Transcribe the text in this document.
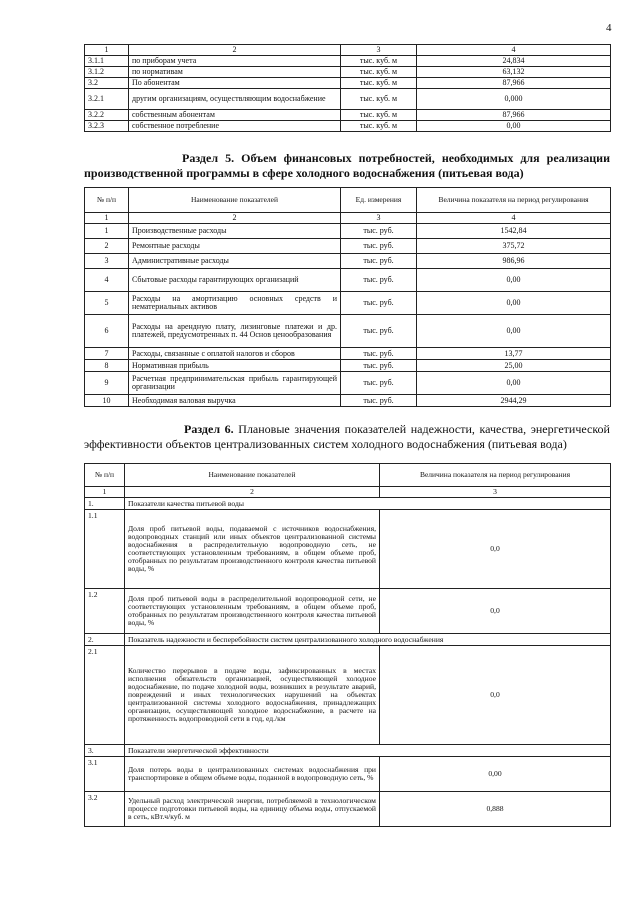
4
1	2	3	4
3.1.1	по приборам учета	тыс. куб. м	24,834
3.1.2	по нормативам	тыс. куб. м	63,132
3.2	По абонентам	тыс. куб. м	87,966
3.2.1	другим организациям, осуществляющим водоснабжение	тыс. куб. м	0,000
3.2.2	собственным абонентам	тыс. куб. м	87,966
3.2.3	собственное потребление	тыс. куб. м	0,00

Раздел 5. Объем финансовых потребностей, необходимых для реализации производственной программы в сфере холодного водоснабжения (питьевая вода)

№ п/п	Наименование показателей	Ед. измерения	Величина показателя на период регулирования
1	2	3	4
1	Производственные расходы	тыс. руб.	1542,84
2	Ремонтные расходы	тыс. руб.	375,72
3	Административные расходы	тыс. руб.	986,96
4	Сбытовые расходы гарантирующих организаций	тыс. руб.	0,00
5	Расходы на амортизацию основных средств и нематериальных активов	тыс. руб.	0,00
6	Расходы на арендную плату, лизинговые платежи и др. платежей, предусмотренных п. 44 Основ ценообразования	тыс. руб.	0,00
7	Расходы, связанные с оплатой налогов и сборов	тыс. руб.	13,77
8	Нормативная прибыль	тыс. руб.	25,00
9	Расчетная предпринимательская прибыль гарантирующей организации	тыс. руб.	0,00
10	Необходимая валовая выручка	тыс. руб.	2944,29

Раздел 6. Плановые значения показателей надежности, качества, энергетической эффективности объектов централизованных систем холодного водоснабжения (питьевая вода)

№ п/п	Наименование показателей	Величина показателя на период регулирования
1	2	3
1.	Показатели качества питьевой воды	
1.1	Доля проб питьевой воды, подаваемой с источников водоснабжения, водопроводных станций или иных объектов централизованной системы водоснабжения в распределительную водопроводную сеть, не соответствующих установленным требованиям, в общем объеме проб, отобранных по результатам производственного контроля качества питьевой воды, %	0,0
1.2	Доля проб питьевой воды в распределительной водопроводной сети, не соответствующих установленным требованиям, в общем объеме проб, отобранных по результатам производственного контроля качества питьевой воды, %	0,0
2.	Показатель надежности и бесперебойности систем централизованного холодного водоснабжения	
2.1	Количество перерывов в подаче воды, зафиксированных в местах исполнения обязательств организацией, осуществляющей холодное водоснабжение, по подаче холодной воды, возникших в результате аварий, повреждений и иных технологических нарушений на объектах централизованной системы холодного водоснабжения, принадлежащих организации, осуществляющей холодное водоснабжение, в расчете на протяженность водопроводной сети в год, ед./км	0,0
3.	Показатели энергетической эффективности	
3.1	Доля потерь воды в централизованных системах водоснабжения при транспортировке в общем объеме воды, поданной в водопроводную сеть, %	0,00
3.2	Удельный расход электрической энергии, потребляемой в технологическом процессе подготовки питьевой воды, на единицу объема воды, отпускаемой в сеть, кВт.ч/куб. м	0,888
